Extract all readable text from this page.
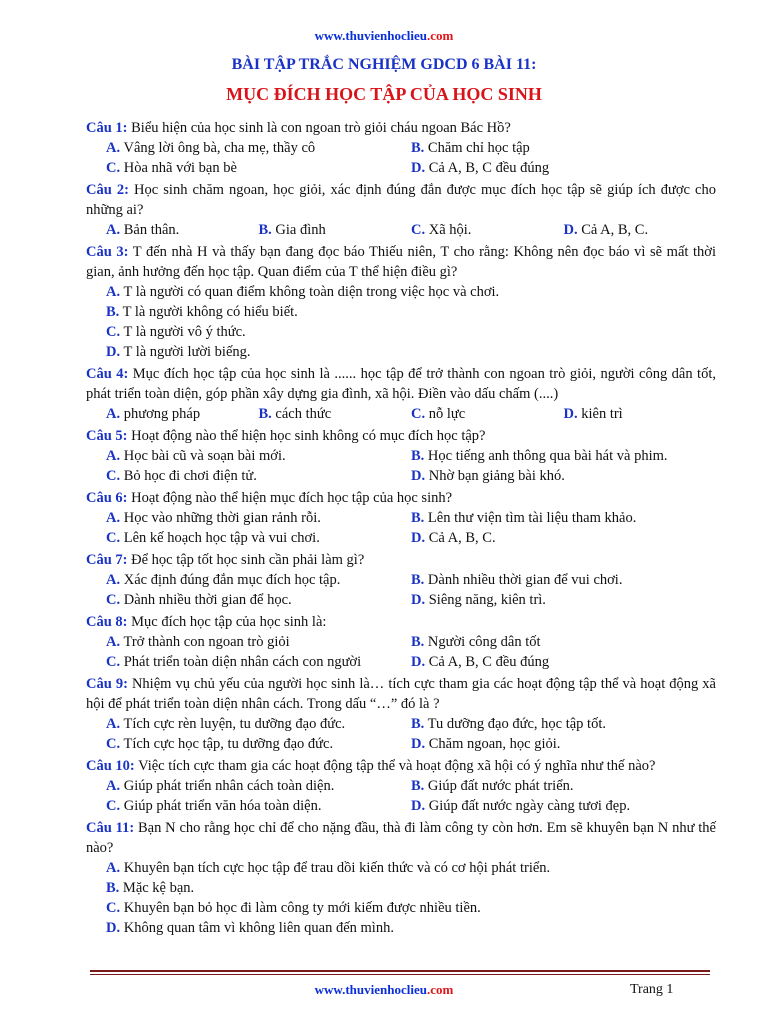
www.thuvienhoclieu.com
BÀI TẬP TRẮC NGHIỆM GDCD 6 BÀI 11:
MỤC ĐÍCH HỌC TẬP CỦA HỌC SINH
Câu 1: Biểu hiện của học sinh là con ngoan trò giỏi cháu ngoan Bác Hồ?
A. Vâng lời ông bà, cha mẹ, thầy cô	B. Chăm chỉ học tập
C. Hòa nhã với bạn bè	D. Cả A, B, C đều đúng
Câu 2: Học sinh chăm ngoan, học giỏi, xác định đúng đắn được mục đích học tập sẽ giúp ích được cho những ai?
A. Bản thân.	B. Gia đình	C. Xã hội.	D. Cả A, B, C.
Câu 3: T đến nhà H và thấy bạn đang đọc báo Thiếu niên, T cho rằng: Không nên đọc báo vì sẽ mất thời gian, ảnh hưởng đến học tập. Quan điểm của T thể hiện điều gì?
A. T là người có quan điểm không toàn diện trong việc học và chơi.
B. T là người không có hiểu biết.
C. T là người vô ý thức.
D. T là người lười biếng.
Câu 4: Mục đích học tập của học sinh là ...... học tập để trở thành con ngoan trò giỏi, người công dân tốt, phát triển toàn diện, góp phần xây dựng gia đình, xã hội. Điền vào dấu chấm (....)
A. phương pháp	B. cách thức	C. nỗ lực	D. kiên trì
Câu 5: Hoạt động nào thể hiện học sinh không có mục đích học tập?
A. Học bài cũ và soạn bài mới.	B. Học tiếng anh thông qua bài hát và phim.
C. Bỏ học đi chơi điện tử.	D. Nhờ bạn giảng bài khó.
Câu 6: Hoạt động nào thể hiện mục đích học tập của học sinh?
A. Học vào những thời gian rảnh rỗi.	B. Lên thư viện tìm tài liệu tham khảo.
C. Lên kế hoạch học tập và vui chơi.	D. Cả A, B, C.
Câu 7: Để học tập tốt học sinh cần phải làm gì?
A. Xác định đúng đắn mục đích học tập.	B. Dành nhiều thời gian để vui chơi.
C. Dành nhiều thời gian để học.	D. Siêng năng, kiên trì.
Câu 8: Mục đích học tập của học sinh là:
A. Trở thành con ngoan trò giỏi	B. Người công dân tốt
C. Phát triển toàn diện nhân cách con người	D. Cả A, B, C đều đúng
Câu 9: Nhiệm vụ chủ yếu của người học sinh là… tích cực tham gia các hoạt động tập thể và hoạt động xã hội để phát triển toàn diện nhân cách. Trong dấu “…” đó là ?
A. Tích cực rèn luyện, tu dưỡng đạo đức.	B. Tu dưỡng đạo đức, học tập tốt.
C. Tích cực học tập, tu dưỡng đạo đức.	D. Chăm ngoan, học giỏi.
Câu 10: Việc tích cực tham gia các hoạt động tập thể và hoạt động xã hội có ý nghĩa như thế nào?
A. Giúp phát triển nhân cách toàn diện.	B. Giúp đất nước phát triển.
C. Giúp phát triển văn hóa toàn diện.	D. Giúp đất nước ngày càng tươi đẹp.
Câu 11: Bạn N cho rằng học chỉ để cho nặng đầu, thà đi làm công ty còn hơn. Em sẽ khuyên bạn N như thế nào?
A. Khuyên bạn tích cực học tập để trau dồi kiến thức và có cơ hội phát triển.
B. Mặc kệ bạn.
C. Khuyên bạn bỏ học đi làm công ty mới kiếm được nhiều tiền.
D. Không quan tâm vì không liên quan đến mình.
www.thuvienhoclieu.com	Trang 1
